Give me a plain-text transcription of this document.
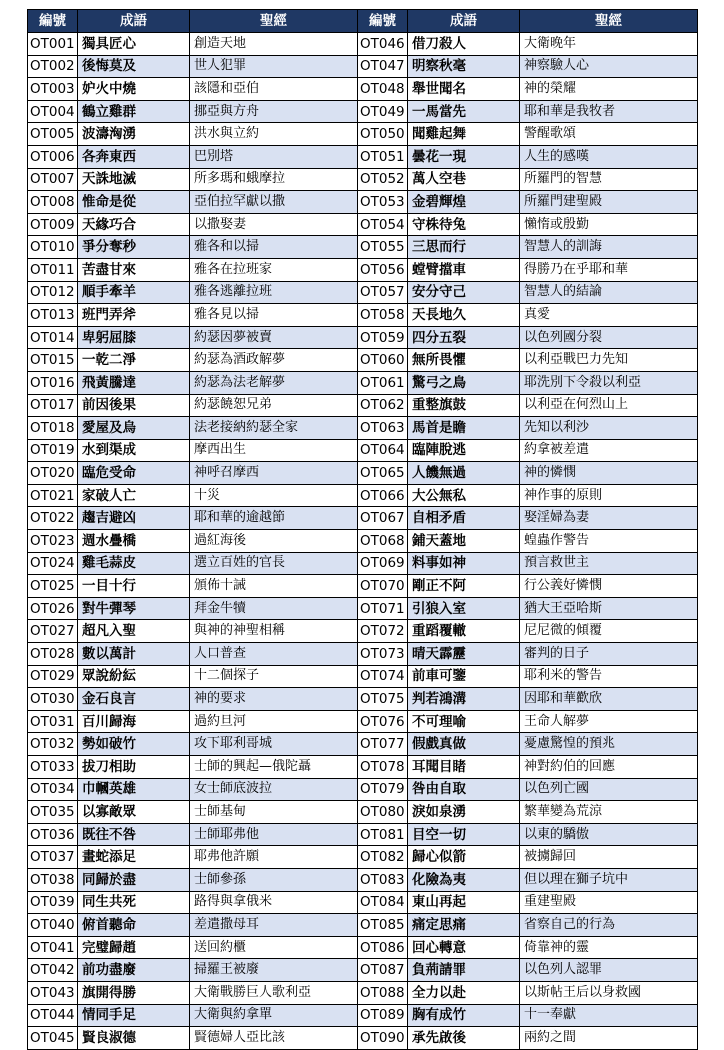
編號	成語	聖經	編號	成語	聖經
OT001	獨具匠心	創造天地	OT046	借刀殺人	大衛晚年
OT002	後悔莫及	世人犯罪	OT047	明察秋毫	神察驗人心
OT003	妒火中燒	該隱和亞伯	OT048	舉世聞名	神的榮耀
OT004	鶴立雞群	挪亞與方舟	OT049	一馬當先	耶和華是我牧者
OT005	波濤洶湧	洪水與立約	OT050	聞雞起舞	警醒歌頌
OT006	各奔東西	巴別塔	OT051	曇花一現	人生的感嘆
OT007	天誅地滅	所多瑪和蛾摩拉	OT052	萬人空巷	所羅門的智慧
OT008	惟命是從	亞伯拉罕獻以撒	OT053	金碧輝煌	所羅門建聖殿
OT009	天緣巧合	以撒娶妻	OT054	守株待兔	懶惰或殷勤
OT010	爭分奪秒	雅各和以掃	OT055	三思而行	智慧人的訓誨
OT011	苦盡甘來	雅各在拉班家	OT056	螳臂擋車	得勝乃在乎耶和華
OT012	順手牽羊	雅各逃離拉班	OT057	安分守己	智慧人的結論
OT013	班門弄斧	雅各見以掃	OT058	天長地久	真愛
OT014	卑躬屈膝	約瑟因夢被賣	OT059	四分五裂	以色列國分裂
OT015	一乾二淨	約瑟為酒政解夢	OT060	無所畏懼	以利亞戰巴力先知
OT016	飛黃騰達	約瑟為法老解夢	OT061	驚弓之鳥	耶洗別下令殺以利亞
OT017	前因後果	約瑟饒恕兄弟	OT062	重整旗鼓	以利亞在何烈山上
OT018	愛屋及烏	法老接納約瑟全家	OT063	馬首是瞻	先知以利沙
OT019	水到渠成	摩西出生	OT064	臨陣脫逃	約拿被差遣
OT020	臨危受命	神呼召摩西	OT065	人饑無過	神的憐憫
OT021	家破人亡	十災	OT066	大公無私	神作事的原則
OT022	趨吉避凶	耶和華的逾越節	OT067	自相矛盾	娶淫婦為妻
OT023	週水疊橋	過紅海後	OT068	鋪天蓋地	蝗蟲作警告
OT024	雞毛蒜皮	選立百姓的官長	OT069	料事如神	預言救世主
OT025	一目十行	頒佈十誡	OT070	剛正不阿	行公義好憐憫
OT026	對牛彈琴	拜金牛犢	OT071	引狼入室	猶大王亞哈斯
OT027	超凡入聖	與神的神聖相稱	OT072	重蹈覆轍	尼尼微的傾覆
OT028	數以萬計	人口普查	OT073	晴天霹靂	審判的日子
OT029	眾說紛紜	十二個探子	OT074	前車可鑒	耶利米的警告
OT030	金石良言	神的要求	OT075	判若鴻溝	因耶和華歡欣
OT031	百川歸海	過約旦河	OT076	不可理喻	王命人解夢
OT032	勢如破竹	攻下耶利哥城	OT077	假戲真做	憂慮驚惶的預兆
OT033	拔刀相助	士師的興起—俄陀聶	OT078	耳聞目睹	神對約伯的回應
OT034	巾幗英雄	女士師底波拉	OT079	咎由自取	以色列亡國
OT035	以寡敵眾	士師基甸	OT080	淚如泉湧	繁華變為荒涼
OT036	既往不咎	士師耶弗他	OT081	目空一切	以東的驕傲
OT037	畫蛇添足	耶弗他許願	OT082	歸心似箭	被擄歸回
OT038	同歸於盡	士師參孫	OT083	化險為夷	但以理在獅子坑中
OT039	同生共死	路得與拿俄米	OT084	東山再起	重建聖殿
OT040	俯首聽命	差遣撒母耳	OT085	痛定思痛	省察自己的行為
OT041	完璧歸趙	送回約櫃	OT086	回心轉意	倚靠神的靈
OT042	前功盡廢	掃羅王被廢	OT087	負荊請罪	以色列人認罪
OT043	旗開得勝	大衛戰勝巨人歌利亞	OT088	全力以赴	以斯帖王后以身救國
OT044	情同手足	大衛與約拿單	OT089	胸有成竹	十一奉獻
OT045	賢良淑德	賢德婦人亞比該	OT090	承先啟後	兩約之間
